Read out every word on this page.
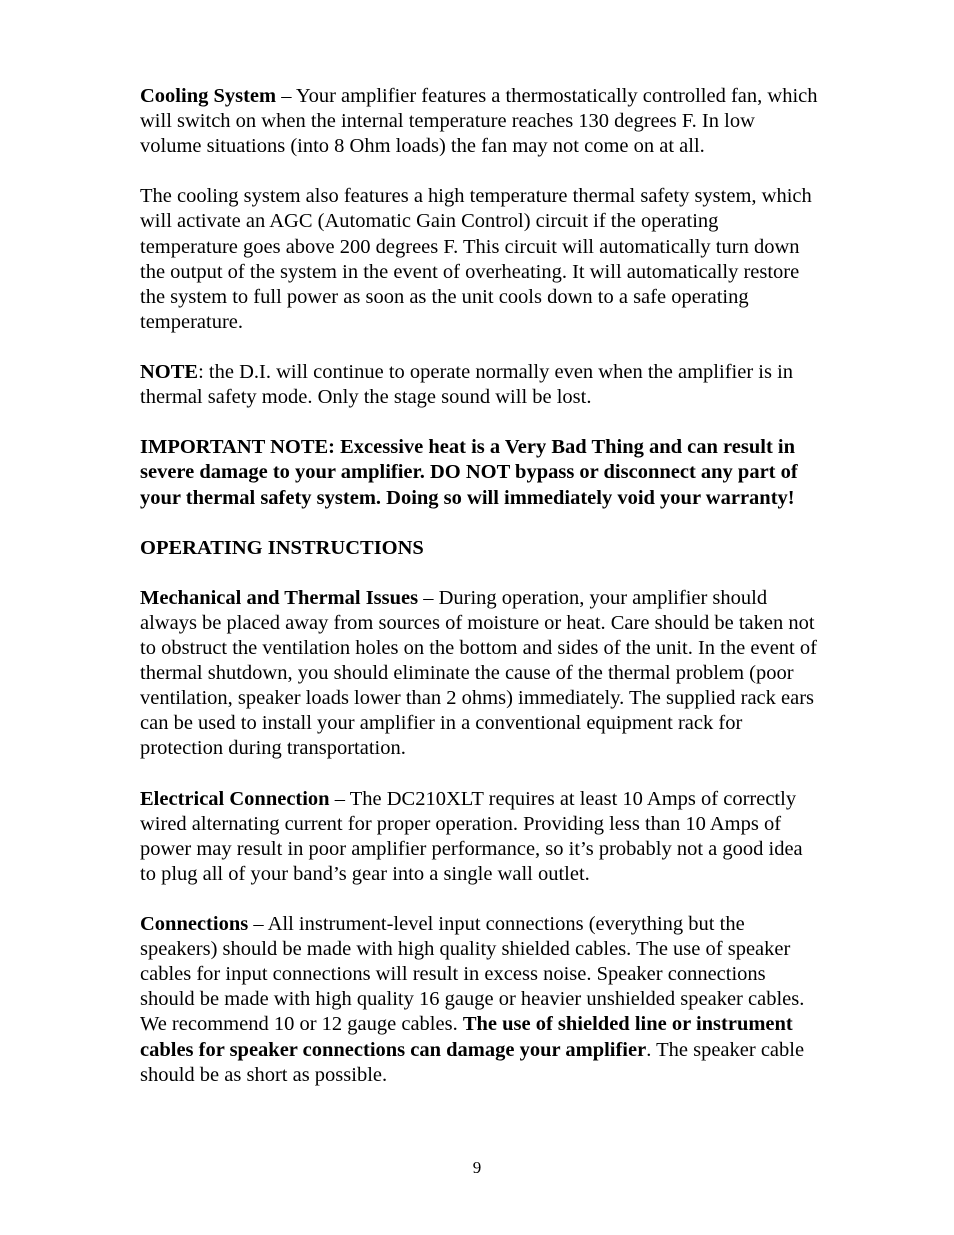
Cooling System – Your amplifier features a thermostatically controlled fan, which will switch on when the internal temperature reaches 130 degrees F. In low volume situations (into 8 Ohm loads) the fan may not come on at all.

The cooling system also features a high temperature thermal safety system, which will activate an AGC (Automatic Gain Control) circuit if the operating temperature goes above 200 degrees F. This circuit will automatically turn down the output of the system in the event of overheating. It will automatically restore the system to full power as soon as the unit cools down to a safe operating temperature.

NOTE: the D.I. will continue to operate normally even when the amplifier is in thermal safety mode. Only the stage sound will be lost.

IMPORTANT NOTE: Excessive heat is a Very Bad Thing and can result in severe damage to your amplifier. DO NOT bypass or disconnect any part of your thermal safety system. Doing so will immediately void your warranty!

OPERATING INSTRUCTIONS

Mechanical and Thermal Issues – During operation, your amplifier should always be placed away from sources of moisture or heat. Care should be taken not to obstruct the ventilation holes on the bottom and sides of the unit. In the event of thermal shutdown, you should eliminate the cause of the thermal problem (poor ventilation, speaker loads lower than 2 ohms) immediately. The supplied rack ears can be used to install your amplifier in a conventional equipment rack for protection during transportation.

Electrical Connection – The DC210XLT requires at least 10 Amps of correctly wired alternating current for proper operation. Providing less than 10 Amps of power may result in poor amplifier performance, so it’s probably not a good idea to plug all of your band’s gear into a single wall outlet.

Connections – All instrument-level input connections (everything but the speakers) should be made with high quality shielded cables. The use of speaker cables for input connections will result in excess noise. Speaker connections should be made with high quality 16 gauge or heavier unshielded speaker cables. We recommend 10 or 12 gauge cables. The use of shielded line or instrument cables for speaker connections can damage your amplifier. The speaker cable should be as short as possible.

9
